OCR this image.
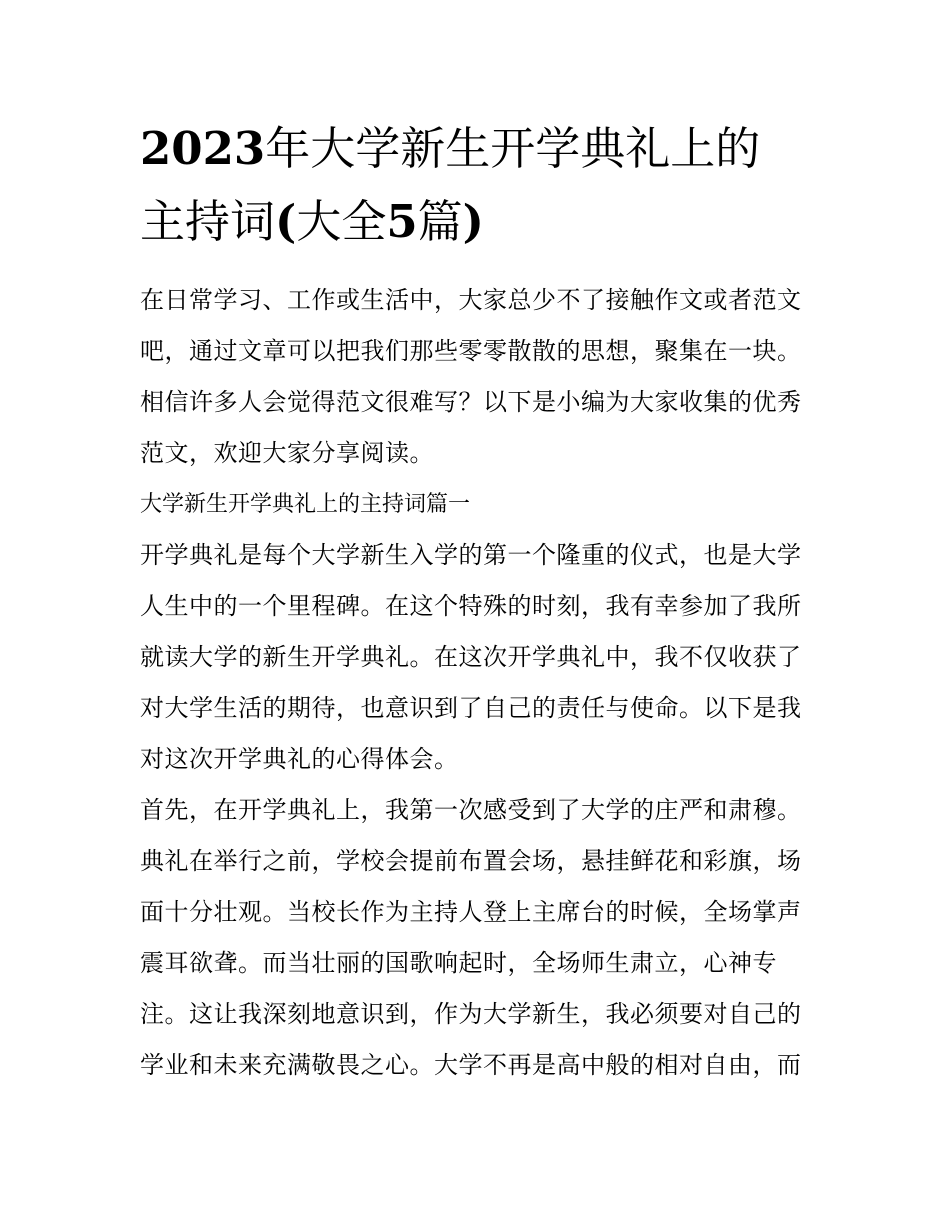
2023年大学新生开学典礼上的
主持词(大全5篇)
在日常学习、工作或生活中，大家总少不了接触作文或者范文
吧，通过文章可以把我们那些零零散散的思想，聚集在一块。
相信许多人会觉得范文很难写？以下是小编为大家收集的优秀
范文，欢迎大家分享阅读。
大学新生开学典礼上的主持词篇一
开学典礼是每个大学新生入学的第一个隆重的仪式，也是大学
人生中的一个里程碑。在这个特殊的时刻，我有幸参加了我所
就读大学的新生开学典礼。在这次开学典礼中，我不仅收获了
对大学生活的期待，也意识到了自己的责任与使命。以下是我
对这次开学典礼的心得体会。
首先，在开学典礼上，我第一次感受到了大学的庄严和肃穆。
典礼在举行之前，学校会提前布置会场，悬挂鲜花和彩旗，场
面十分壮观。当校长作为主持人登上主席台的时候，全场掌声
震耳欲聋。而当壮丽的国歌响起时，全场师生肃立，心神专
注。这让我深刻地意识到，作为大学新生，我必须要对自己的
学业和未来充满敬畏之心。大学不再是高中般的相对自由，而
